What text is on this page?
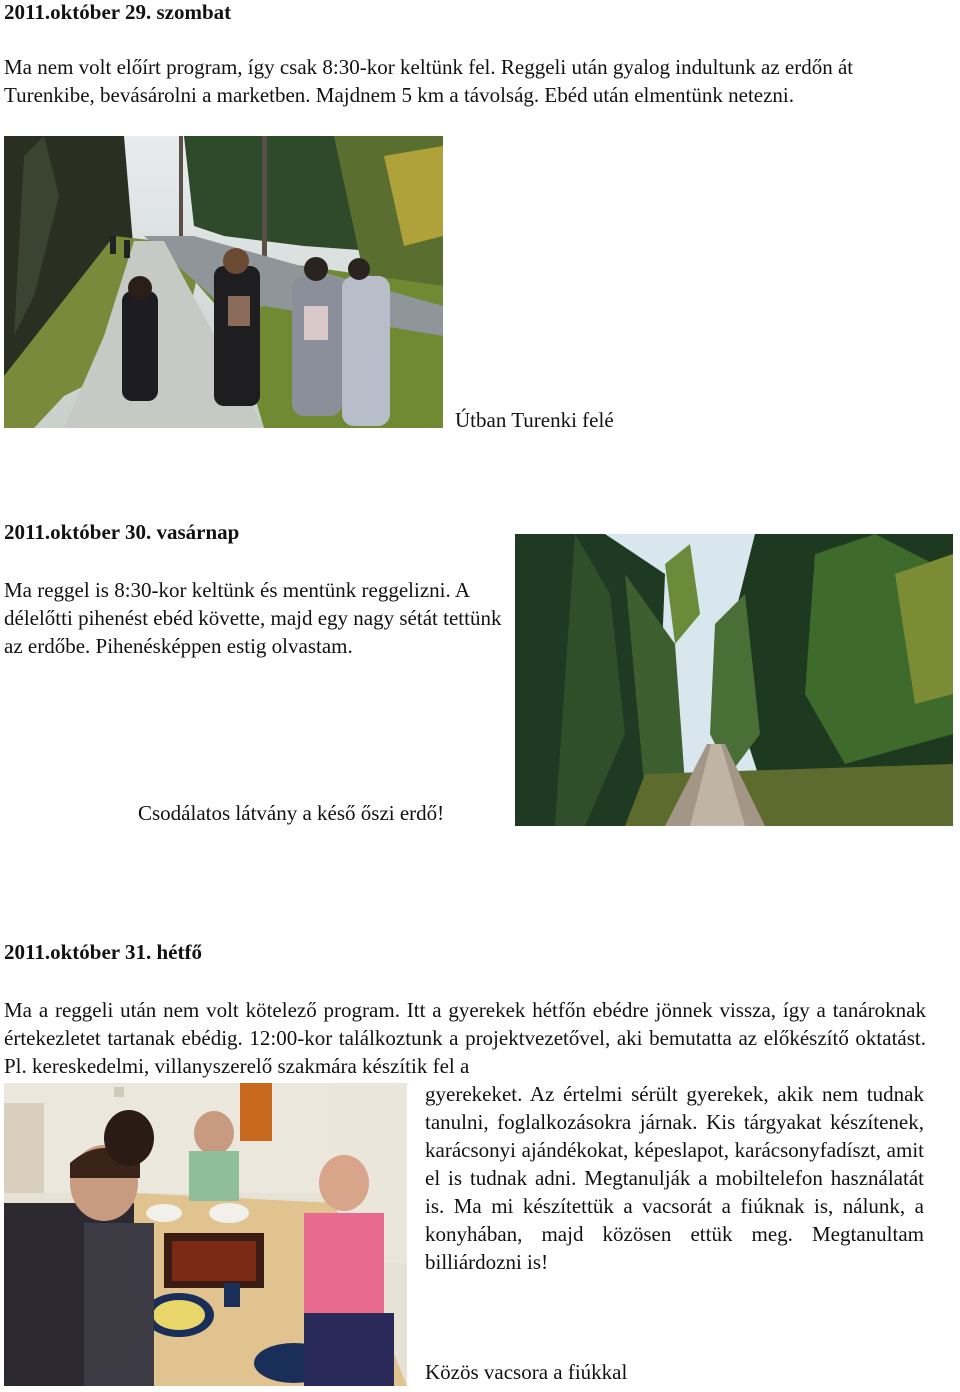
2011.október 29. szombat
Ma nem volt előírt program, így csak 8:30-kor keltünk fel. Reggeli után gyalog indultunk az erdőn át Turenkibe, bevásárolni a marketben. Majdnem 5 km a távolság. Ebéd után elmentünk netezni.
Útban Turenki felé
2011.október 30. vasárnap
Ma reggel is 8:30-kor keltünk és mentünk reggelizni. A délelőtti pihenést ebéd követte, majd egy nagy sétát tettünk az erdőbe. Pihenésképpen estig olvastam.
Csodálatos látvány a késő őszi erdő!
2011.október 31. hétfő
Ma a reggeli után nem volt kötelező program. Itt a gyerekek hétfőn ebédre jönnek vissza, így a tanároknak értekezletet tartanak ebédig. 12:00-kor találkoztunk a projektvezetővel, aki bemutatta az előkészítő oktatást. Pl. kereskedelmi, villanyszerelő szakmára készítik fel a
gyerekeket. Az értelmi sérült gyerekek, akik nem tudnak tanulni, foglalkozásokra járnak. Kis tárgyakat készítenek, karácsonyi ajándékokat, képeslapot, karácsonyfadíszt, amit el is tudnak adni. Megtanulják a mobiltelefon használatát is. Ma mi készítettük a vacsorát a fiúknak is, nálunk, a konyhában, majd közösen ettük meg. Megtanultam billiárdozni is!
Közös vacsora a fiúkkal
